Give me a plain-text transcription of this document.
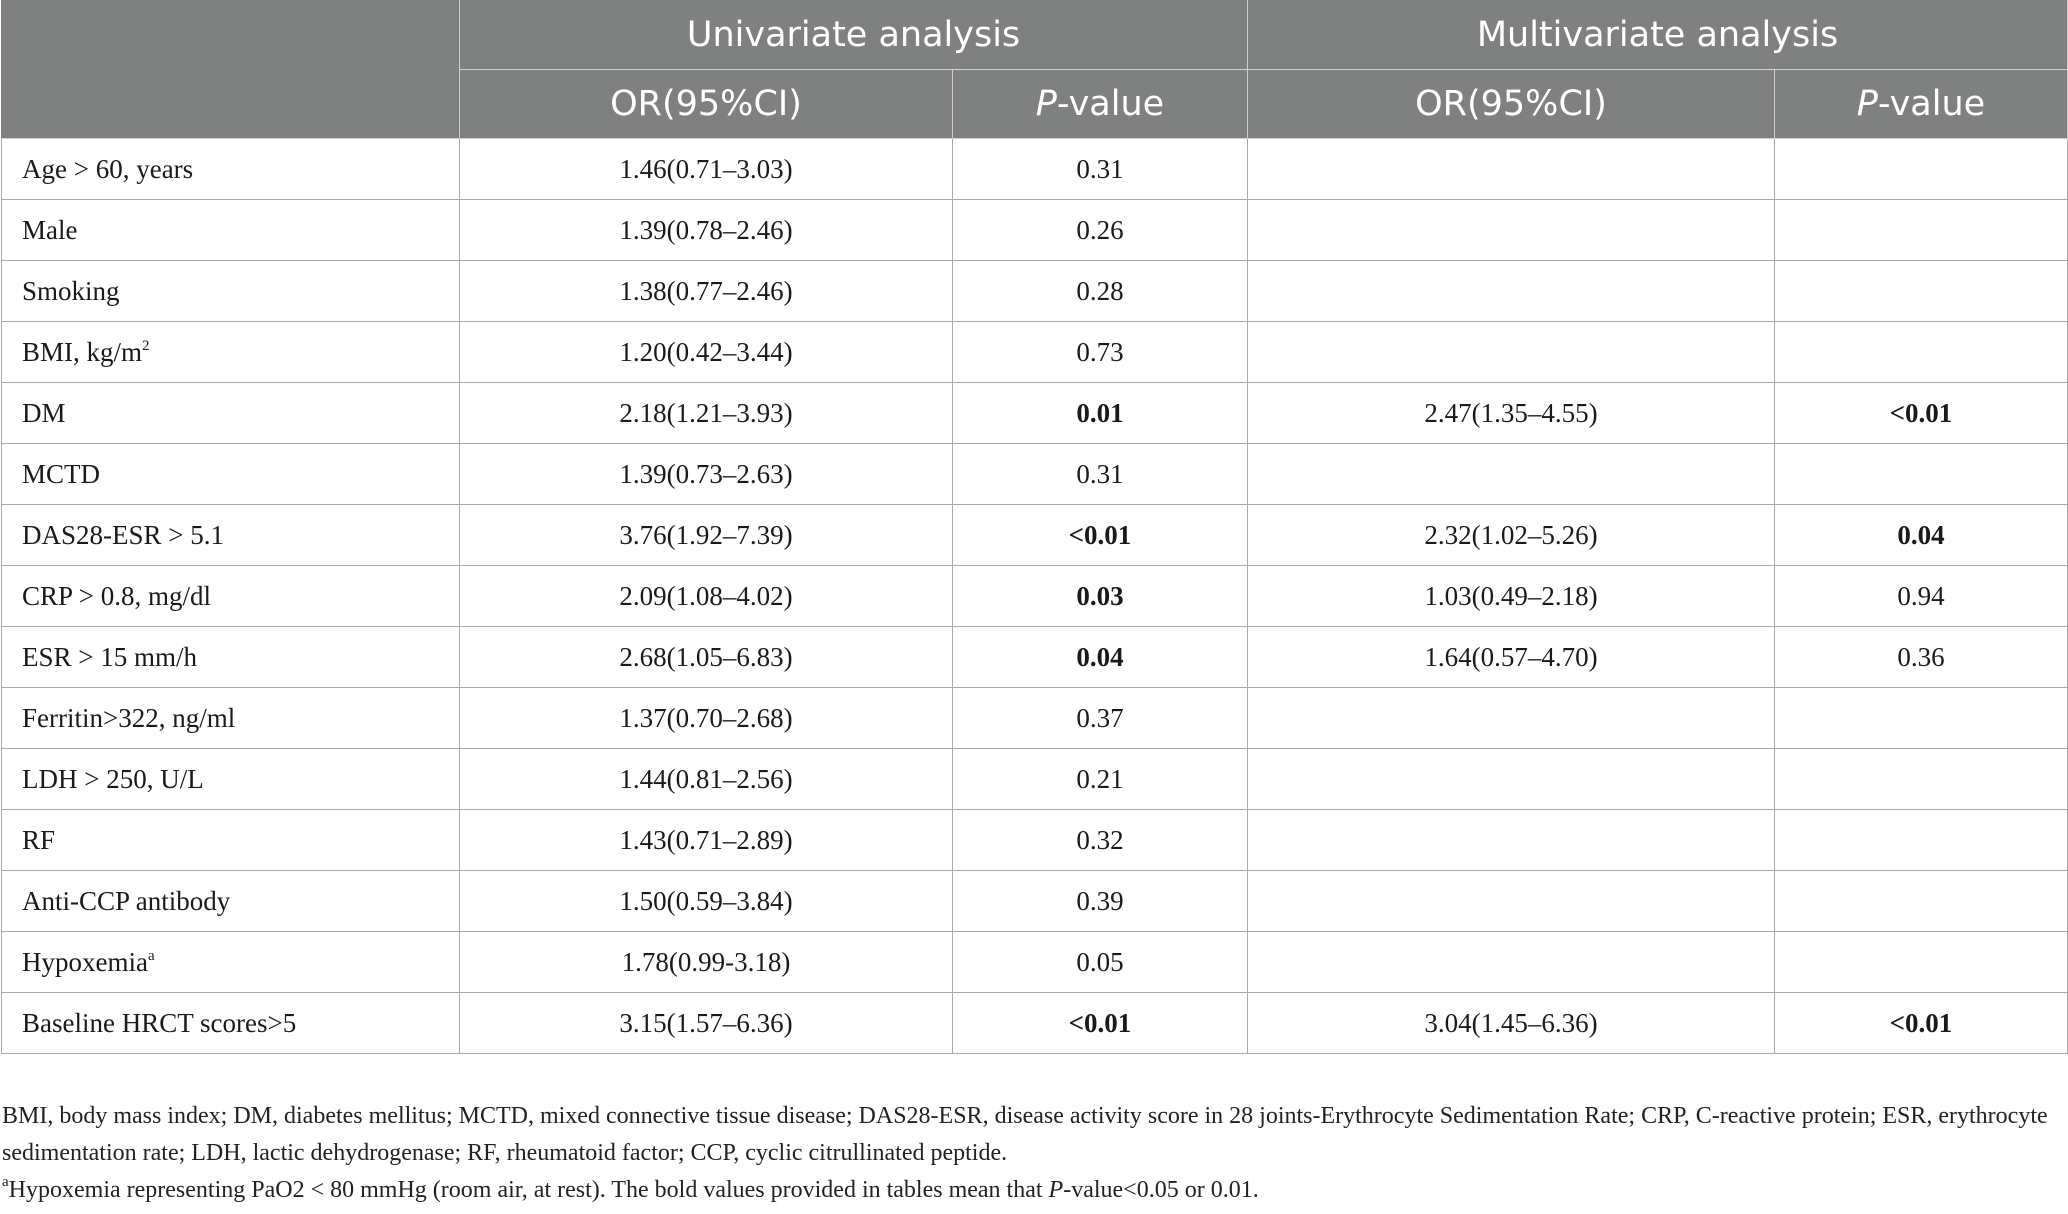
	Univariate analysis		Multivariate analysis	
	OR(95%CI)	P-value	OR(95%CI)	P-value
Age > 60, years	1.46(0.71–3.03)	0.31		
Male	1.39(0.78–2.46)	0.26		
Smoking	1.38(0.77–2.46)	0.28		
BMI, $kg/m^2$	1.20(0.42–3.44)	0.73		
DM	2.18(1.21–3.93)	0.01	2.47(1.35–4.55)	<0.01
MCTD	1.39(0.73–2.63)	0.31		
DAS28-ESR > 5.1	3.76(1.92–7.39)	<0.01	2.32(1.02–5.26)	0.04
CRP > 0.8, mg/dl	2.09(1.08–4.02)	0.03	1.03(0.49–2.18)	0.94
ESR > 15 mm/h	2.68(1.05–6.83)	0.04	1.64(0.57–4.70)	0.36
Ferritin>322, ng/ml	1.37(0.70–2.68)	0.37		
LDH > 250, U/L	1.44(0.81–2.56)	0.21		
RF	1.43(0.71–2.89)	0.32		
Anti-CCP antibody	1.50(0.59–3.84)	0.39		
Hypoxemia$^a$	1.78(0.99-3.18)	0.05		
Baseline HRCT scores>5	3.15(1.57–6.36)	<0.01	3.04(1.45–6.36)	<0.01

BMI, body mass index; DM, diabetes mellitus; MCTD, mixed connective tissue disease; DAS28-ESR, disease activity score in 28 joints-Erythrocyte Sedimentation Rate; CRP, C-reactive protein; ESR, erythrocyte sedimentation rate; LDH, lactic dehydrogenase; RF, rheumatoid factor; CCP, cyclic citrullinated peptide.

$^a$Hypoxemia representing PaO2 < 80 mmHg (room air, at rest). The bold values provided in tables mean that P-value<0.05 or 0.01.
